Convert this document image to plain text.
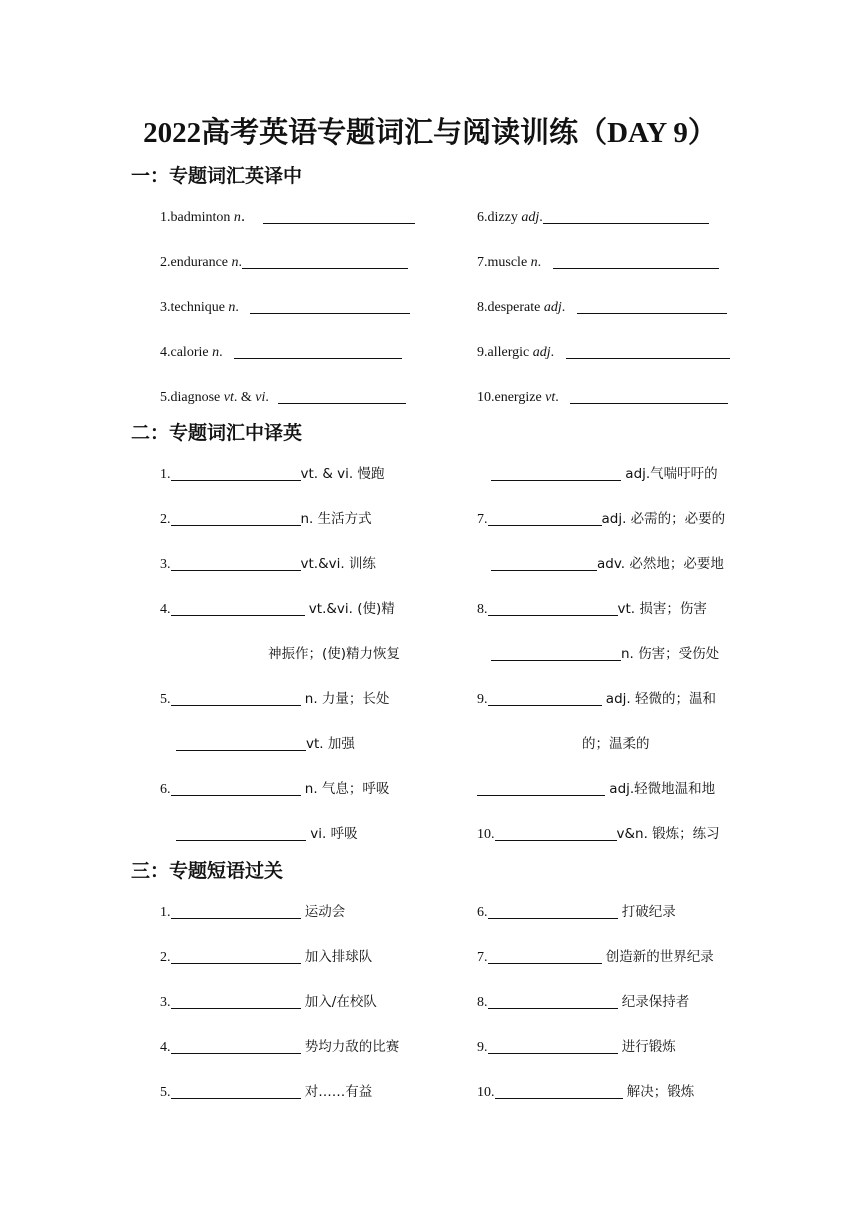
2022高考英语专题词汇与阅读训练（DAY 9）
一：专题词汇英译中
1.badminton n．
2.endurance n.
3.technique n.
4.calorie n.
5.diagnose vt. & vi.
6.dizzy adj.
7.muscle n.
8.desperate adj.
9.allergic adj.
10.energize vt.
二：专题词汇中译英
1.	vt. & vi. 慢跑
2.	n. 生活方式
3.	vt.&vi. 训练
4.	vt.&vi. (使)精
神振作；(使)精力恢复
5.	n. 力量；长处
vt. 加强
6.	n. 气息；呼吸
vi. 呼吸
adj.气喘吁吁的
7.	adj. 必需的；必要的
adv. 必然地；必要地
8.	vt. 损害；伤害
n. 伤害；受伤处
9.	adj. 轻微的；温和
的；温柔的
adj.轻微地温和地
10.	v&n. 锻炼；练习
三：专题短语过关
1.	运动会
2.	加入排球队
3.	加入/在校队
4.	势均力敌的比赛
5.	对……有益
6.	打破纪录
7.	创造新的世界纪录
8.	纪录保持者
9.	进行锻炼
10.	解决；锻炼
